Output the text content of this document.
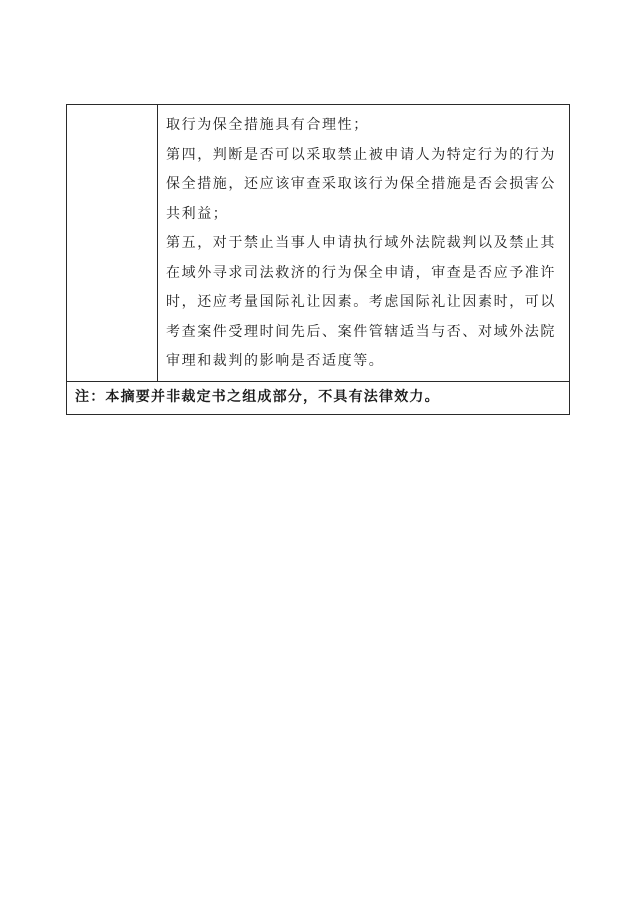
取行为保全措施具有合理性；
第四，判断是否可以采取禁止被申请人为特定行为的行为
保全措施，还应该审查采取该行为保全措施是否会损害公
共利益；
第五，对于禁止当事人申请执行域外法院裁判以及禁止其
在域外寻求司法救济的行为保全申请，审查是否应予准许
时，还应考量国际礼让因素。考虑国际礼让因素时，可以
考查案件受理时间先后、案件管辖适当与否、对域外法院
审理和裁判的影响是否适度等。

注：本摘要并非裁定书之组成部分，不具有法律效力。
